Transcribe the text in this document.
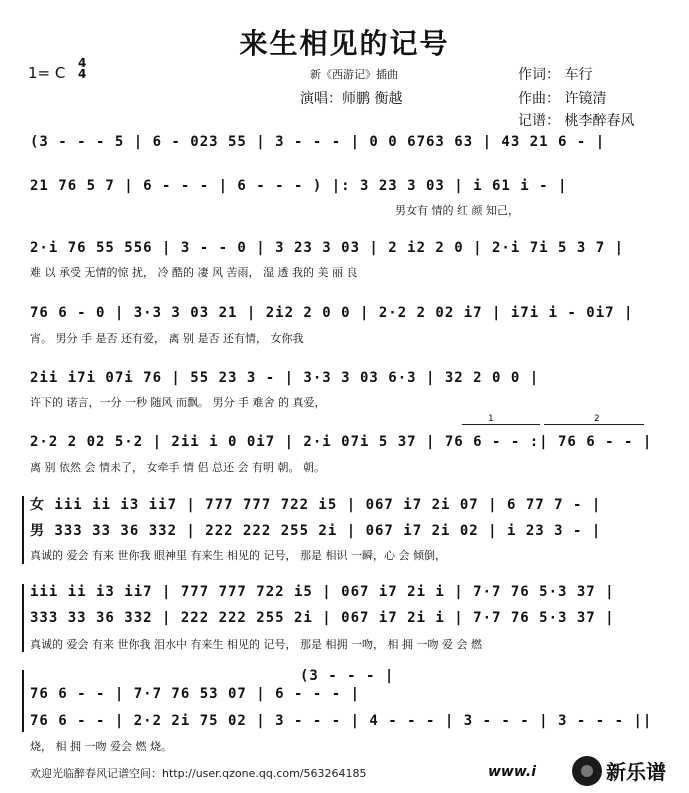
来生相见的记号
1= C
4
4	新《西游记》插曲
演唱：师鹏 衡越
作词： 车行
作曲： 许镜清
记谱： 桃李醉春风
(3 - - - 5 | 6 - 023 55 | 3 - - - | 0 0 6763 63 | 43 21 6 - |
21 76 5 7 | 6 - - - | 6 - - - ) |: 3 23 3 03 | i 61 i - |
男女有 情的 红 颜 知己，
2·i 76 55 556 | 3 - - 0 | 3 23 3 03 | 2 i2 2 0 | 2·i 7i 5 3 7 |
难 以 承受 无情的惊 扰， 冷 酷的 凄 风 苦雨， 湿 透 我的 美 丽 良
76 6 - 0 | 3·3 3 03 21 | 2i2 2 0 0 | 2·2 2 02 i7 | i7i i - 0i7 |
宵。 男分 手 是否 还有爱， 离 别 是否 还有情， 女你我
2ii i7i 07i 76 | 55 23 3 - | 3·3 3 03 6·3 | 32 2 0 0 |
许下的 诺言，一分 一秒 随风 而飘。 男分 手 难舍 的 真爱，
2·2 2 02 5·2 | 2ii i 0 0i7 | 2·i 07i 5 37 | 76 6 - - :| 76 6 - - |
离 别 依然 会 情未了， 女牵手 情 侣 总还 会 有明 朝。 朝。
1	2
女 iii ii i3 ii7 | 777 777 722 i5 | 067 i7 2i 07 | 6 77 7 - |
男 333 33 36 332 | 222 222 255 2i | 067 i7 2i 02 | i 23 3 - |
真诚的 爱会 有来 世你我 眼神里 有来生 相见的 记号， 那是 相识 一瞬，心 会 倾倒，
iii ii i3 ii7 | 777 777 722 i5 | 067 i7 2i i | 7·7 76 5·3 37 |
333 33 36 332 | 222 222 255 2i | 067 i7 2i i | 7·7 76 5·3 37 |
真诚的 爱会 有来 世你我 泪水中 有来生 相见的 记号， 那是 相拥 一吻， 相 拥 一吻 爱 会 燃
(3 - - - |
76 6 - - | 7·7 76 53 07 | 6 - - - |
76 6 - - | 2·2 2i 75 02 | 3 - - - | 4 - - - | 3 - - - | 3 - - - ||
烧， 相 拥 一吻 爱会 燃 烧。
欢迎光临醉春风记谱空间：http://user.qzone.qq.com/563264185	www.i	新乐谱
